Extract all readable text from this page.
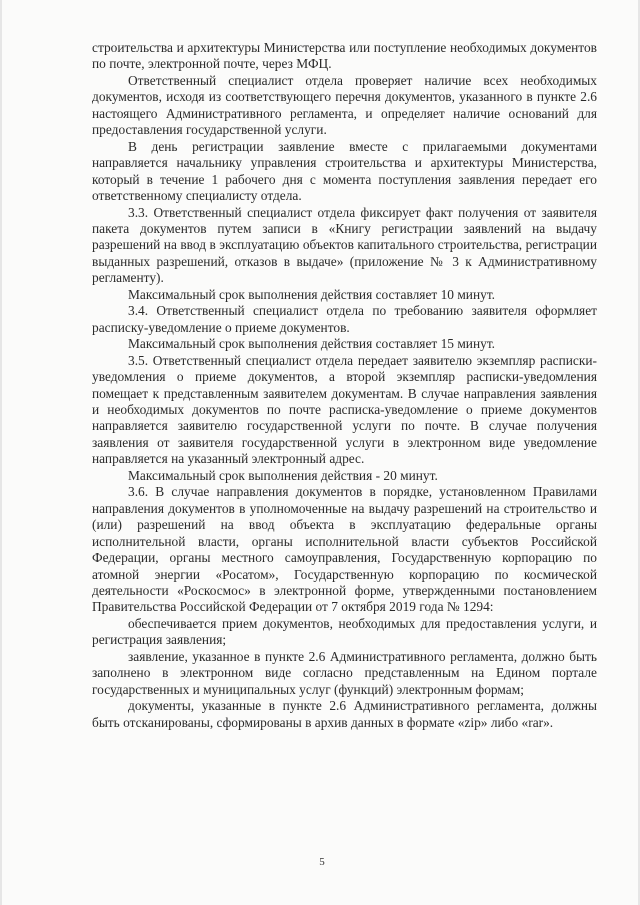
строительства и архитектуры Министерства или поступление необходимых документов по почте, электронной почте, через МФЦ.

Ответственный специалист отдела проверяет наличие всех необходимых документов, исходя из соответствующего перечня документов, указанного в пункте 2.6 настоящего Административного регламента, и определяет наличие оснований для предоставления государственной услуги.

В день регистрации заявление вместе с прилагаемыми документами направляется начальнику управления строительства и архитектуры Министерства, который в течение 1 рабочего дня с момента поступления заявления передает его ответственному специалисту отдела.

3.3. Ответственный специалист отдела фиксирует факт получения от заявителя пакета документов путем записи в «Книгу регистрации заявлений на выдачу разрешений на ввод в эксплуатацию объектов капитального строительства, регистрации выданных разрешений, отказов в выдаче» (приложение № 3 к Административному регламенту).

Максимальный срок выполнения действия составляет 10 минут.

3.4. Ответственный специалист отдела по требованию заявителя оформляет расписку-уведомление о приеме документов.

Максимальный срок выполнения действия составляет 15 минут.

3.5. Ответственный специалист отдела передает заявителю экземпляр расписки-уведомления о приеме документов, а второй экземпляр расписки-уведомления помещает к представленным заявителем документам. В случае направления заявления и необходимых документов по почте расписка-уведомление о приеме документов направляется заявителю государственной услуги по почте. В случае получения заявления от заявителя государственной услуги в электронном виде уведомление направляется на указанный электронный адрес.

Максимальный срок выполнения действия - 20 минут.

3.6. В случае направления документов в порядке, установленном Правилами направления документов в уполномоченные на выдачу разрешений на строительство и (или) разрешений на ввод объекта в эксплуатацию федеральные органы исполнительной власти, органы исполнительной власти субъектов Российской Федерации, органы местного самоуправления, Государственную корпорацию по атомной энергии «Росатом», Государственную корпорацию по космической деятельности «Роскосмос» в электронной форме, утвержденными постановлением Правительства Российской Федерации от 7 октября 2019 года № 1294:

обеспечивается прием документов, необходимых для предоставления услуги, и регистрация заявления;

заявление, указанное в пункте 2.6 Административного регламента, должно быть заполнено в электронном виде согласно представленным на Едином портале государственных и муниципальных услуг (функций) электронным формам;

документы, указанные в пункте 2.6 Административного регламента, должны быть отсканированы, сформированы в архив данных в формате «zip» либо «rar».

5
